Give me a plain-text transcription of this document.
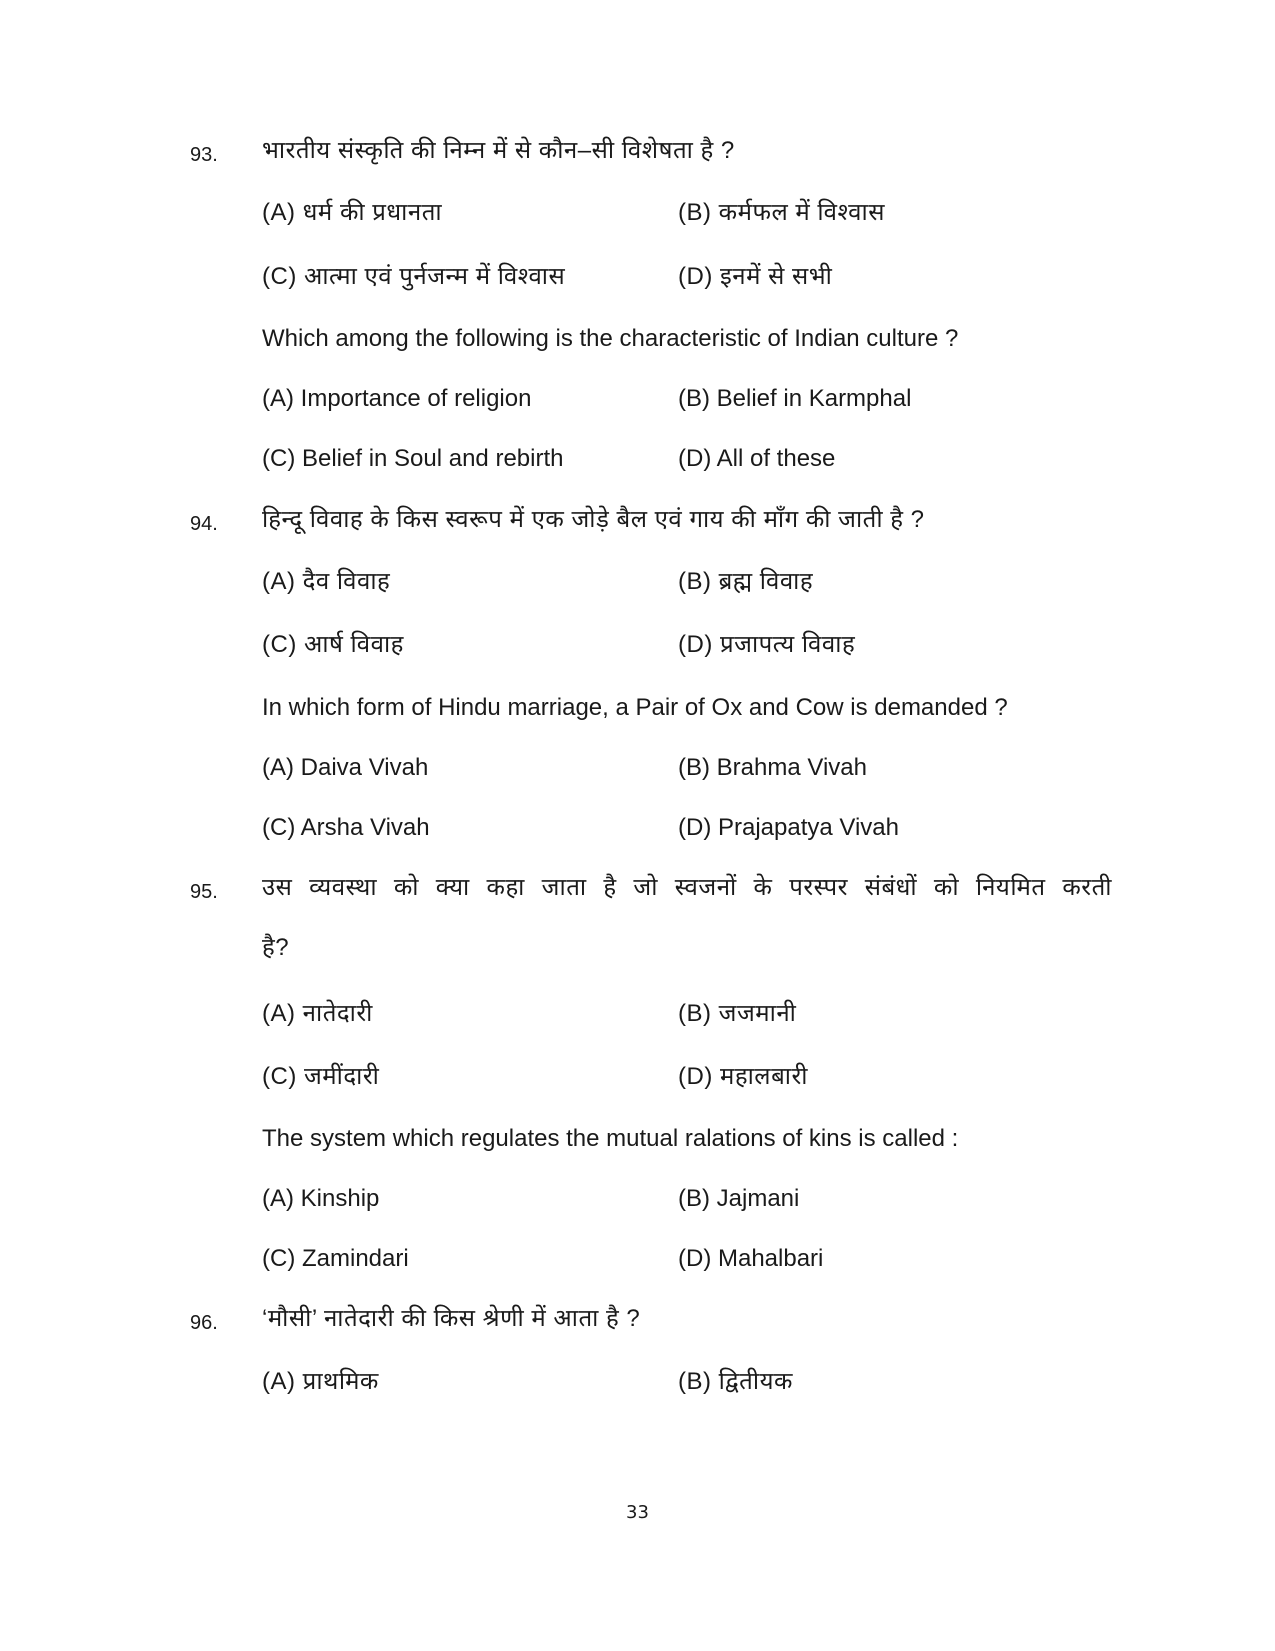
93. भारतीय संस्कृति की निम्न में से कौन–सी विशेषता है ?
(A) धर्म की प्रधानता	(B) कर्मफल में विश्वास
(C) आत्मा एवं पुर्नजन्म में विश्वास	(D) इनमें से सभी
Which among the following is the characteristic of Indian culture ?
(A) Importance of religion	(B) Belief in Karmphal
(C) Belief in Soul and rebirth	(D) All of these
94. हिन्दू विवाह के किस स्वरूप में एक जोड़े बैल एवं गाय की माँग की जाती है ?
(A) दैव विवाह	(B) ब्रह्म विवाह
(C) आर्ष विवाह	(D) प्रजापत्य विवाह
In which form of Hindu marriage, a Pair of Ox and Cow is demanded ?
(A) Daiva Vivah	(B) Brahma Vivah
(C) Arsha Vivah	(D) Prajapatya Vivah
95. उस व्यवस्था को क्या कहा जाता है जो स्वजनों के परस्पर संबंधों को नियमित करती
है?
(A) नातेदारी	(B) जजमानी
(C) जमींदारी	(D) महालबारी
The system which regulates the mutual ralations of kins is called :
(A) Kinship	(B) Jajmani
(C) Zamindari	(D) Mahalbari
96. ‘मौसी’ नातेदारी की किस श्रेणी में आता है ?
(A) प्राथमिक	(B) द्वितीयक
33
